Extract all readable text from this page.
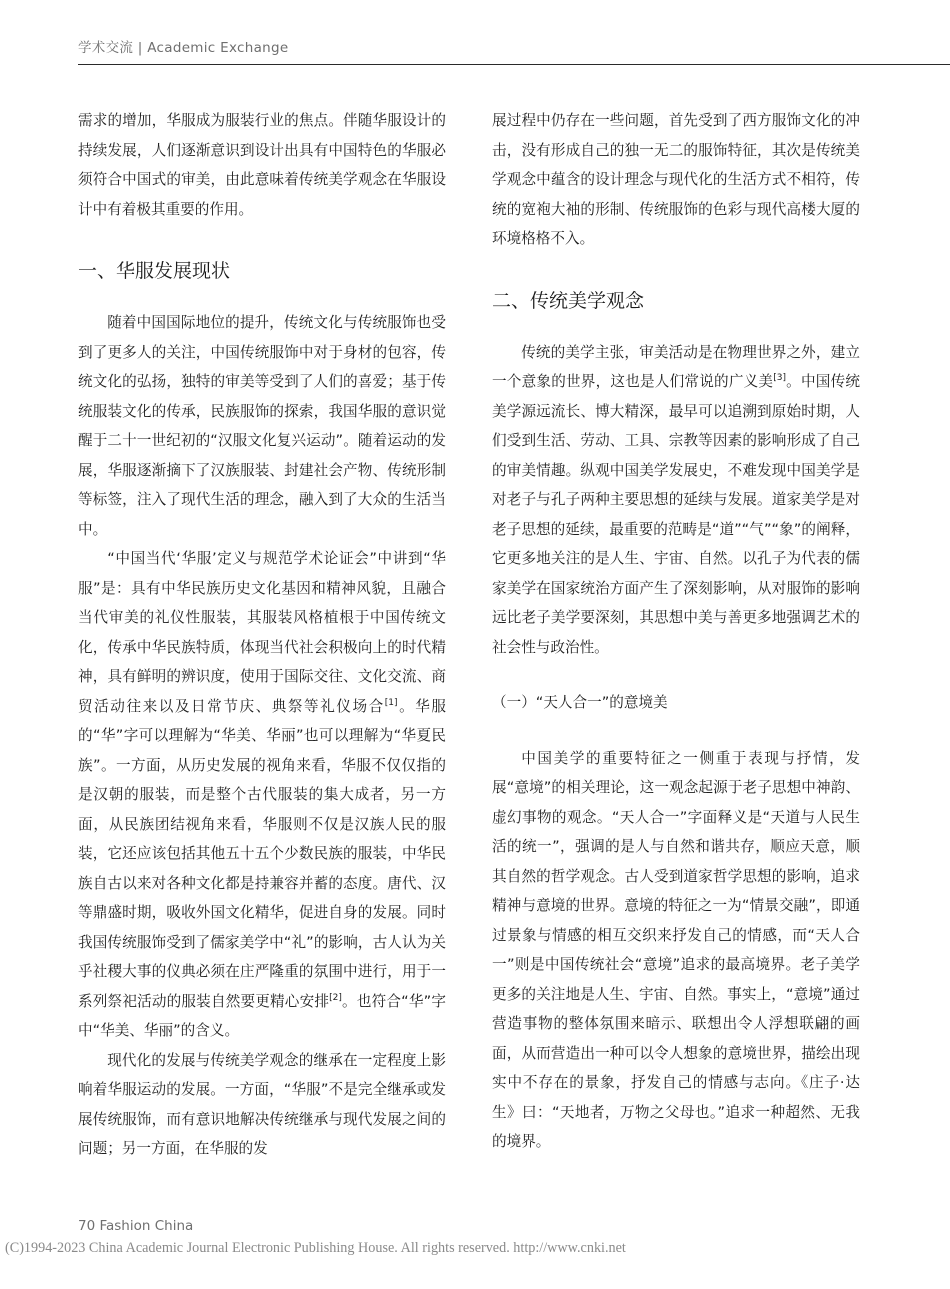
学术交流 | Academic Exchange

需求的增加，华服成为服装行业的焦点。伴随华服设计的持续发展，人们逐渐意识到设计出具有中国特色的华服必须符合中国式的审美，由此意味着传统美学观念在华服设计中有着极其重要的作用。

一、华服发展现状

随着中国国际地位的提升，传统文化与传统服饰也受到了更多人的关注，中国传统服饰中对于身材的包容，传统文化的弘扬，独特的审美等受到了人们的喜爱；基于传统服装文化的传承，民族服饰的探索，我国华服的意识觉醒于二十一世纪初的“汉服文化复兴运动”。随着运动的发展，华服逐渐摘下了汉族服装、封建社会产物、传统形制等标签，注入了现代生活的理念，融入到了大众的生活当中。

“中国当代‘华服’定义与规范学术论证会”中讲到“华服”是：具有中华民族历史文化基因和精神风貌，且融合当代审美的礼仪性服装，其服装风格植根于中国传统文化，传承中华民族特质，体现当代社会积极向上的时代精神，具有鲜明的辨识度，使用于国际交往、文化交流、商贸活动往来以及日常节庆、典祭等礼仪场合[1]。华服的“华”字可以理解为“华美、华丽”也可以理解为“华夏民族”。一方面，从历史发展的视角来看，华服不仅仅指的是汉朝的服装，而是整个古代服装的集大成者，另一方面，从民族团结视角来看，华服则不仅是汉族人民的服装，它还应该包括其他五十五个少数民族的服装，中华民族自古以来对各种文化都是持兼容并蓄的态度。唐代、汉等鼎盛时期，吸收外国文化精华，促进自身的发展。同时我国传统服饰受到了儒家美学中“礼”的影响，古人认为关乎社稷大事的仪典必须在庄严隆重的氛围中进行，用于一系列祭祀活动的服装自然要更精心安排[2]。也符合“华”字中“华美、华丽”的含义。

现代化的发展与传统美学观念的继承在一定程度上影响着华服运动的发展。一方面，“华服”不是完全继承或发展传统服饰，而有意识地解决传统继承与现代发展之间的问题；另一方面，在华服的发

展过程中仍存在一些问题，首先受到了西方服饰文化的冲击，没有形成自己的独一无二的服饰特征，其次是传统美学观念中蕴含的设计理念与现代化的生活方式不相符，传统的宽袍大袖的形制、传统服饰的色彩与现代高楼大厦的环境格格不入。

二、传统美学观念

传统的美学主张，审美活动是在物理世界之外，建立一个意象的世界，这也是人们常说的广义美[3]。中国传统美学源远流长、博大精深，最早可以追溯到原始时期，人们受到生活、劳动、工具、宗教等因素的影响形成了自己的审美情趣。纵观中国美学发展史，不难发现中国美学是对老子与孔子两种主要思想的延续与发展。道家美学是对老子思想的延续，最重要的范畴是“道”“气”“象”的阐释，它更多地关注的是人生、宇宙、自然。以孔子为代表的儒家美学在国家统治方面产生了深刻影响，从对服饰的影响远比老子美学要深刻，其思想中美与善更多地强调艺术的社会性与政治性。

（一）“天人合一”的意境美

中国美学的重要特征之一侧重于表现与抒情，发展“意境”的相关理论，这一观念起源于老子思想中神韵、虚幻事物的观念。“天人合一”字面释义是“天道与人民生活的统一”，强调的是人与自然和谐共存，顺应天意，顺其自然的哲学观念。古人受到道家哲学思想的影响，追求精神与意境的世界。意境的特征之一为“情景交融”，即通过景象与情感的相互交织来抒发自己的情感，而“天人合一”则是中国传统社会“意境”追求的最高境界。老子美学更多的关注地是人生、宇宙、自然。事实上，“意境”通过营造事物的整体氛围来暗示、联想出令人浮想联翩的画面，从而营造出一种可以令人想象的意境世界，描绘出现实中不存在的景象，抒发自己的情感与志向。《庄子·达生》曰：“天地者，万物之父母也。”追求一种超然、无我的境界。

70 Fashion China
(C)1994-2023 China Academic Journal Electronic Publishing House. All rights reserved. http://www.cnki.net
